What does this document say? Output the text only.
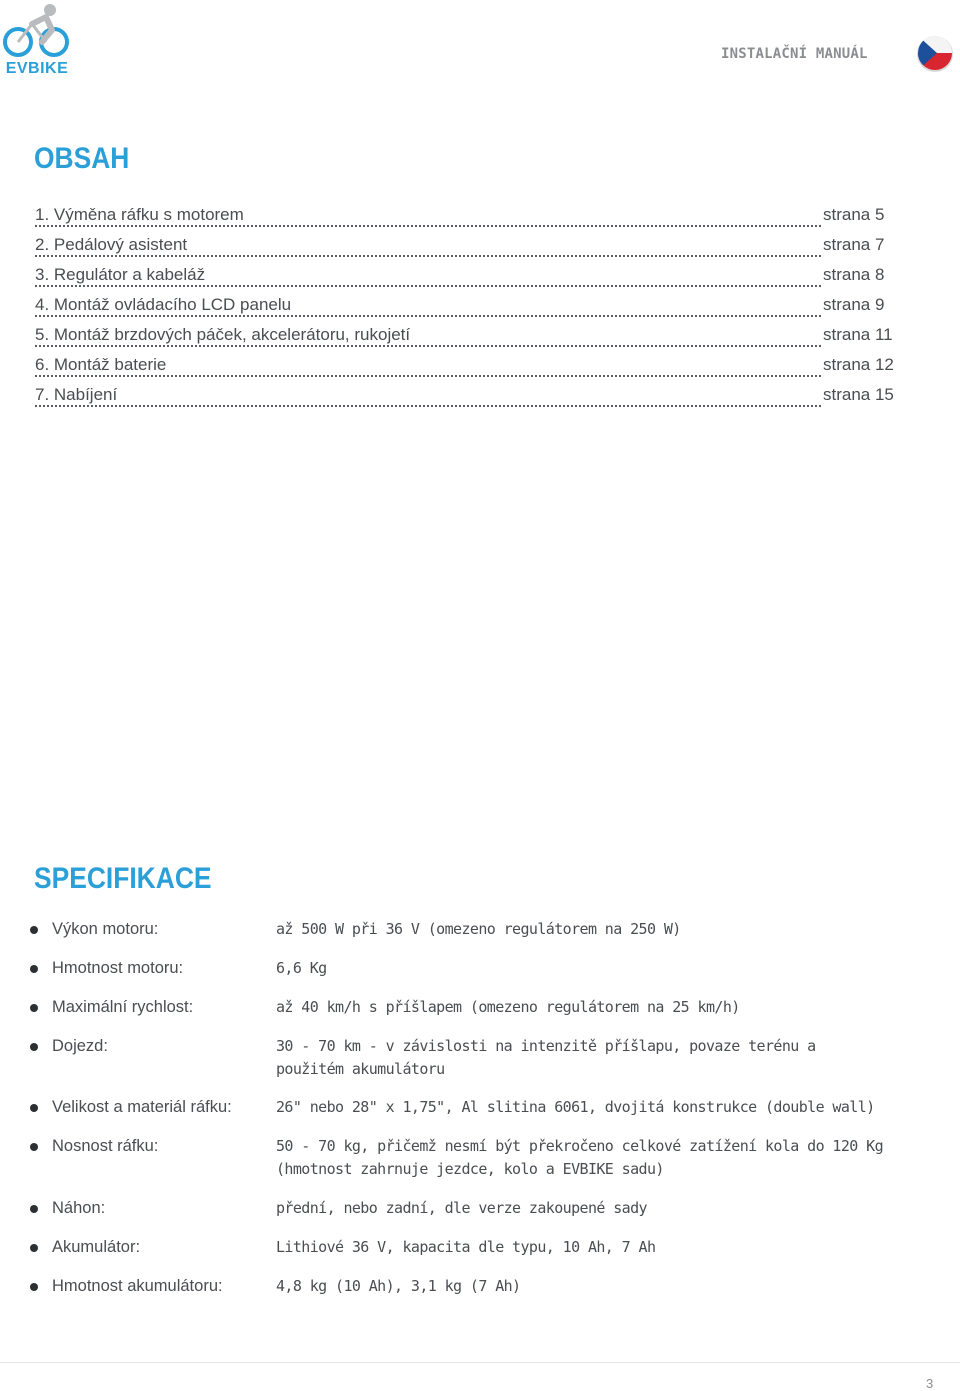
EVBIKE
INSTALAČNÍ MANUÁL
OBSAH
1. Výměna ráfku s motorem	strana 5
2. Pedálový asistent	strana 7
3. Regulátor a kabeláž	strana 8
4. Montáž ovládacího LCD panelu	strana 9
5. Montáž brzdových páček, akcelerátoru, rukojetí	strana 11
6. Montáž baterie	strana 12
7. Nabíjení	strana 15
SPECIFIKACE
Výkon motoru:	až 500 W při 36 V (omezeno regulátorem na 250 W)
Hmotnost motoru:	6,6 Kg
Maximální rychlost:	až 40 km/h s příšlapem (omezeno regulátorem na 25 km/h)
Dojezd:	30 - 70 km - v závislosti na intenzitě příšlapu, povaze terénu a použitém akumulátoru
Velikost a materiál ráfku:	26" nebo 28" x 1,75", Al slitina 6061, dvojitá konstrukce (double wall)
Nosnost ráfku:	50 - 70 kg, přičemž nesmí být překročeno celkové zatížení kola do 120 Kg (hmotnost zahrnuje jezdce, kolo a EVBIKE sadu)
Náhon:	přední, nebo zadní, dle verze zakoupené sady
Akumulátor:	Lithiové 36 V, kapacita dle typu, 10 Ah, 7 Ah
Hmotnost akumulátoru:	4,8 kg (10 Ah), 3,1 kg (7 Ah)
3
